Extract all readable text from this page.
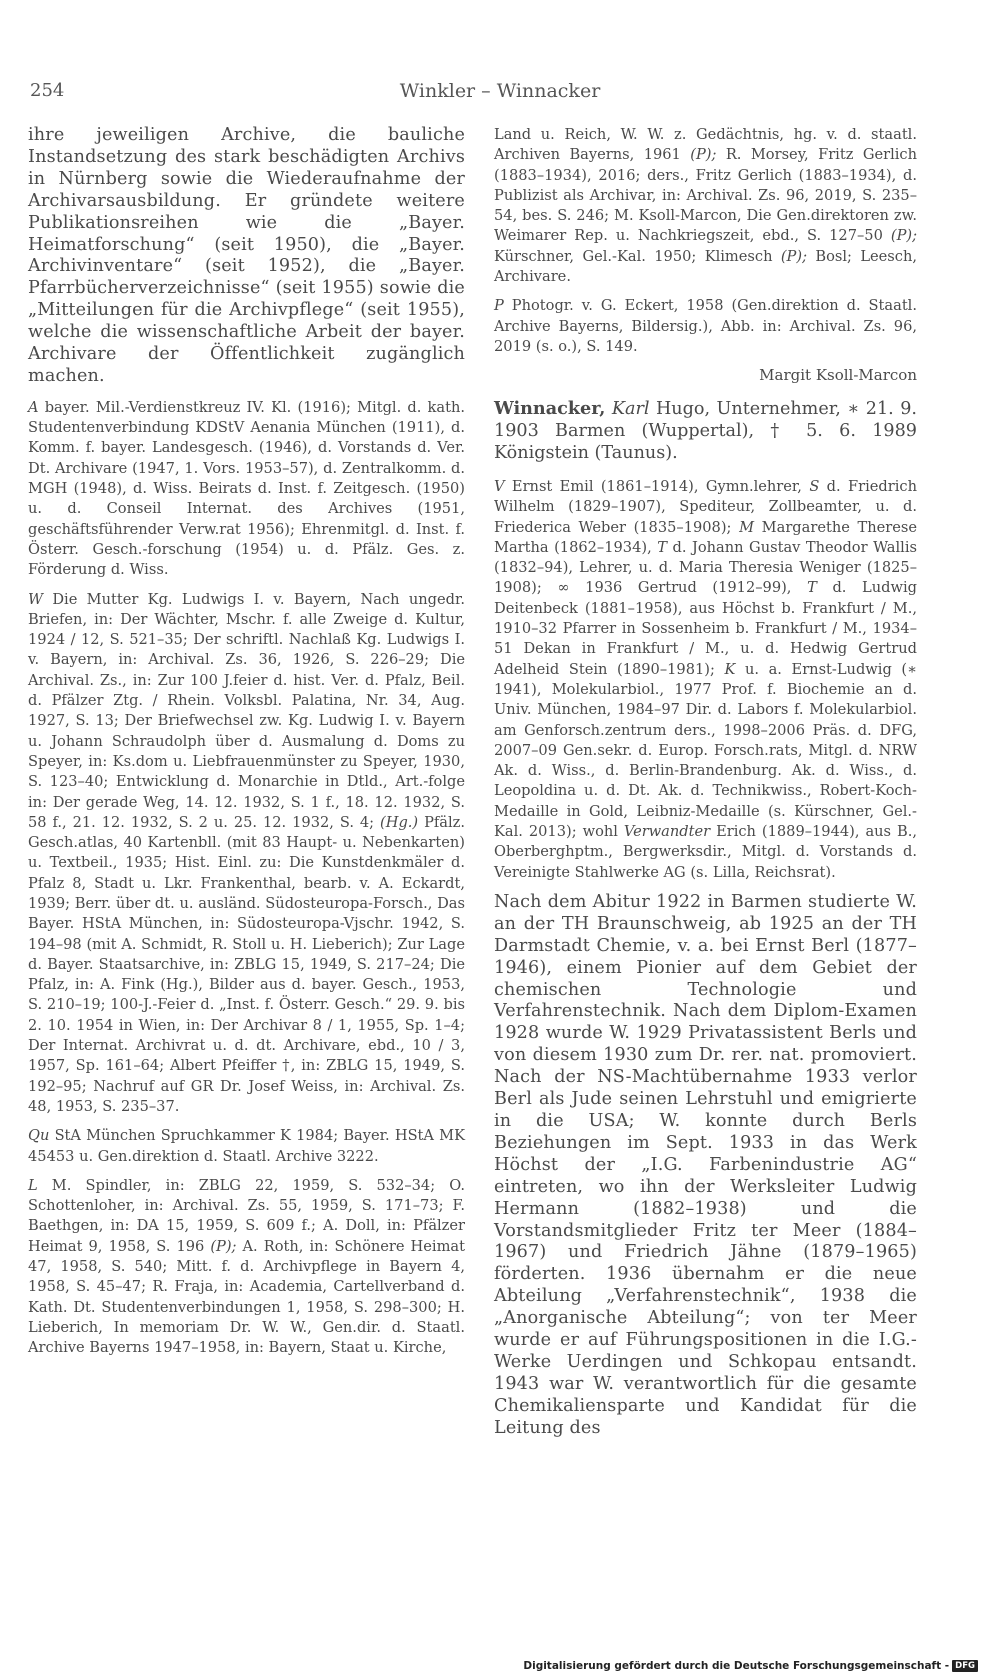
254	Winkler – Winnacker

ihre jeweiligen Archive, die bauliche Instandsetzung des stark beschädigten Archivs in Nürnberg sowie die Wiederaufnahme der Archivarsausbildung. Er gründete weitere Publikationsreihen wie die „Bayer. Heimatforschung“ (seit 1950), die „Bayer. Archivinventare“ (seit 1952), die „Bayer. Pfarrbücherverzeichnisse“ (seit 1955) sowie die „Mitteilungen für die Archivpflege“ (seit 1955), welche die wissenschaftliche Arbeit der bayer. Archivare der Öffentlichkeit zugänglich machen.

A bayer. Mil.-Verdienstkreuz IV. Kl. (1916); Mitgl. d. kath. Studentenverbindung KDStV Aenania München (1911), d. Komm. f. bayer. Landesgesch. (1946), d. Vorstands d. Ver. Dt. Archivare (1947, 1. Vors. 1953–57), d. Zentralkomm. d. MGH (1948), d. Wiss. Beirats d. Inst. f. Zeitgesch. (1950) u. d. Conseil Internat. des Archives (1951, geschäftsführender Verw.rat 1956); Ehrenmitgl. d. Inst. f. Österr. Gesch.-forschung (1954) u. d. Pfälz. Ges. z. Förderung d. Wiss.

W Die Mutter Kg. Ludwigs I. v. Bayern, Nach ungedr. Briefen, in: Der Wächter, Mschr. f. alle Zweige d. Kultur, 1924 / 12, S. 521–35; Der schriftl. Nachlaß Kg. Ludwigs I. v. Bayern, in: Archival. Zs. 36, 1926, S. 226–29; Die Archival. Zs., in: Zur 100 J.feier d. hist. Ver. d. Pfalz, Beil. d. Pfälzer Ztg. / Rhein. Volksbl. Palatina, Nr. 34, Aug. 1927, S. 13; Der Briefwechsel zw. Kg. Ludwig I. v. Bayern u. Johann Schraudolph über d. Ausmalung d. Doms zu Speyer, in: Ks.dom u. Liebfrauenmünster zu Speyer, 1930, S. 123–40; Entwicklung d. Monarchie in Dtld., Art.-folge in: Der gerade Weg, 14. 12. 1932, S. 1 f., 18. 12. 1932, S. 58 f., 21. 12. 1932, S. 2 u. 25. 12. 1932, S. 4; (Hg.) Pfälz. Gesch.atlas, 40 Kartenbll. (mit 83 Haupt- u. Nebenkarten) u. Textbeil., 1935; Hist. Einl. zu: Die Kunstdenkmäler d. Pfalz 8, Stadt u. Lkr. Frankenthal, bearb. v. A. Eckardt, 1939; Berr. über dt. u. ausländ. Südosteuropa-Forsch., Das Bayer. HStA München, in: Südosteuropa-Vjschr. 1942, S. 194–98 (mit A. Schmidt, R. Stoll u. H. Lieberich); Zur Lage d. Bayer. Staatsarchive, in: ZBLG 15, 1949, S. 217–24; Die Pfalz, in: A. Fink (Hg.), Bilder aus d. bayer. Gesch., 1953, S. 210–19; 100-J.-Feier d. „Inst. f. Österr. Gesch.“ 29. 9. bis 2. 10. 1954 in Wien, in: Der Archivar 8 / 1, 1955, Sp. 1–4; Der Internat. Archivrat u. d. dt. Archivare, ebd., 10 / 3, 1957, Sp. 161–64; Albert Pfeiffer †, in: ZBLG 15, 1949, S. 192–95; Nachruf auf GR Dr. Josef Weiss, in: Archival. Zs. 48, 1953, S. 235–37.

Qu StA München Spruchkammer K 1984; Bayer. HStA MK 45453 u. Gen.direktion d. Staatl. Archive 3222.

L M. Spindler, in: ZBLG 22, 1959, S. 532–34; O. Schottenloher, in: Archival. Zs. 55, 1959, S. 171–73; F. Baethgen, in: DA 15, 1959, S. 609 f.; A. Doll, in: Pfälzer Heimat 9, 1958, S. 196 (P); A. Roth, in: Schönere Heimat 47, 1958, S. 540; Mitt. f. d. Archivpflege in Bayern 4, 1958, S. 45–47; R. Fraja, in: Academia, Cartellverband d. Kath. Dt. Studentenverbindungen 1, 1958, S. 298–300; H. Lieberich, In memoriam Dr. W. W., Gen.dir. d. Staatl. Archive Bayerns 1947–1958, in: Bayern, Staat u. Kirche,

Land u. Reich, W. W. z. Gedächtnis, hg. v. d. staatl. Archiven Bayerns, 1961 (P); R. Morsey, Fritz Gerlich (1883–1934), 2016; ders., Fritz Gerlich (1883–1934), d. Publizist als Archivar, in: Archival. Zs. 96, 2019, S. 235–54, bes. S. 246; M. Ksoll-Marcon, Die Gen.direktoren zw. Weimarer Rep. u. Nachkriegszeit, ebd., S. 127–50 (P); Kürschner, Gel.-Kal. 1950; Klimesch (P); Bosl; Leesch, Archivare.

P Photogr. v. G. Eckert, 1958 (Gen.direktion d. Staatl. Archive Bayerns, Bildersig.), Abb. in: Archival. Zs. 96, 2019 (s. o.), S. 149.

Margit Ksoll-Marcon

Winnacker, Karl Hugo, Unternehmer, ∗ 21. 9. 1903 Barmen (Wuppertal), † 5. 6. 1989 Königstein (Taunus).

V Ernst Emil (1861–1914), Gymn.lehrer, S d. Friedrich Wilhelm (1829–1907), Spediteur, Zollbeamter, u. d. Friederica Weber (1835–1908); M Margarethe Therese Martha (1862–1934), T d. Johann Gustav Theodor Wallis (1832–94), Lehrer, u. d. Maria Theresia Weniger (1825–1908); ∞ 1936 Gertrud (1912–99), T d. Ludwig Deitenbeck (1881–1958), aus Höchst b. Frankfurt / M., 1910–32 Pfarrer in Sossenheim b. Frankfurt / M., 1934–51 Dekan in Frankfurt / M., u. d. Hedwig Gertrud Adelheid Stein (1890–1981); K u. a. Ernst-Ludwig (∗ 1941), Molekularbiol., 1977 Prof. f. Biochemie an d. Univ. München, 1984–97 Dir. d. Labors f. Molekularbiol. am Genforsch.zentrum ders., 1998–2006 Präs. d. DFG, 2007–09 Gen.sekr. d. Europ. Forsch.rats, Mitgl. d. NRW Ak. d. Wiss., d. Berlin-Brandenburg. Ak. d. Wiss., d. Leopoldina u. d. Dt. Ak. d. Technikwiss., Robert-Koch-Medaille in Gold, Leibniz-Medaille (s. Kürschner, Gel.-Kal. 2013); wohl Verwandter Erich (1889–1944), aus B., Oberberghptm., Bergwerksdir., Mitgl. d. Vorstands d. Vereinigte Stahlwerke AG (s. Lilla, Reichsrat).

Nach dem Abitur 1922 in Barmen studierte W. an der TH Braunschweig, ab 1925 an der TH Darmstadt Chemie, v. a. bei Ernst Berl (1877–1946), einem Pionier auf dem Gebiet der chemischen Technologie und Verfahrenstechnik. Nach dem Diplom-Examen 1928 wurde W. 1929 Privatassistent Berls und von diesem 1930 zum Dr. rer. nat. promoviert. Nach der NS-Machtübernahme 1933 verlor Berl als Jude seinen Lehrstuhl und emigrierte in die USA; W. konnte durch Berls Beziehungen im Sept. 1933 in das Werk Höchst der „I.G. Farbenindustrie AG“ eintreten, wo ihn der Werksleiter Ludwig Hermann (1882–1938) und die Vorstandsmitglieder Fritz ter Meer (1884–1967) und Friedrich Jähne (1879–1965) förderten. 1936 übernahm er die neue Abteilung „Verfahrenstechnik“, 1938 die „Anorganische Abteilung“; von ter Meer wurde er auf Führungspositionen in die I.G.-Werke Uerdingen und Schkopau entsandt. 1943 war W. verantwortlich für die gesamte Chemikaliensparte und Kandidat für die Leitung des

Digitalisierung gefördert durch die Deutsche Forschungsgemeinschaft - DFG
